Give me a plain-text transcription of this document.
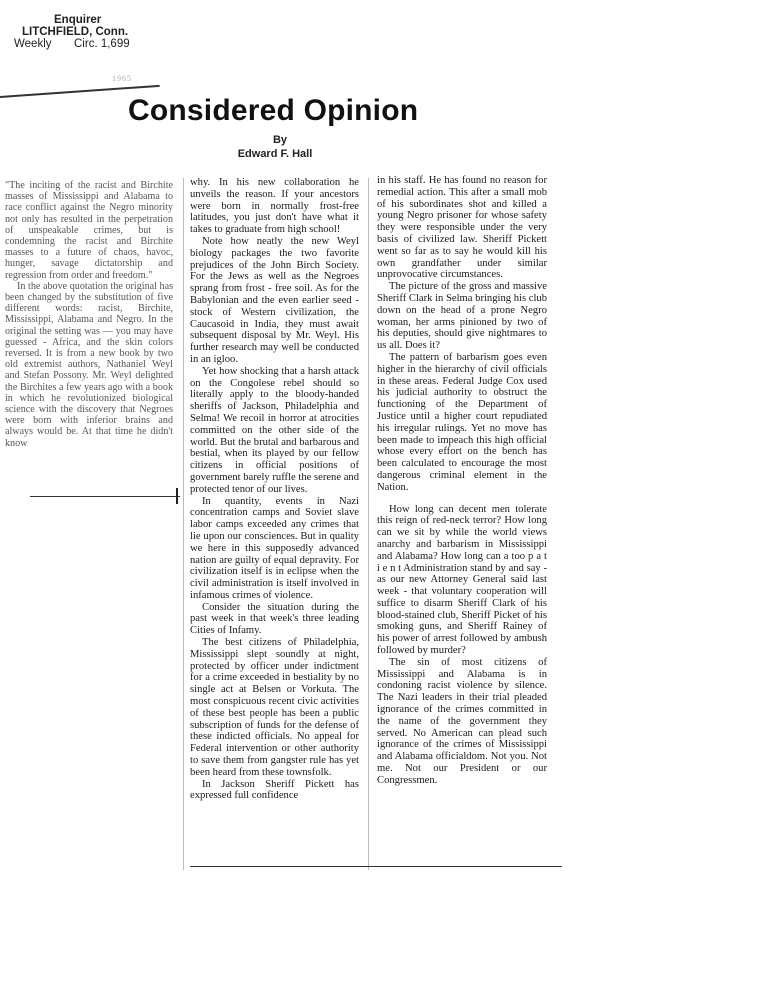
Enquirer
LITCHFIELD, Conn.
Weekly Circ. 1,699
1965
Considered Opinion
By
Edward F. Hall

"The inciting of the racist and Birchite masses of Mississippi and Alabama to race conflict against the Negro minority not only has resulted in the perpetration of unspeakable crimes, but is condemning the racist and Birchite masses to a future of chaos, havoc, hunger, savage dictatorship and regression from order and freedom."

In the above quotation the original has been changed by the substitution of five different words: racist, Birchite, Mississippi, Alabama and Negro. In the original the setting was — you may have guessed - Africa, and the skin colors reversed. It is from a new book by two old extremist authors, Nathaniel Weyl and Stefan Possony. Mr. Weyl delighted the Birchites a few years ago with a book in which he revolutionized biological science with the discovery that Negroes were born with inferior brains and always would be. At that time he didn't know

why. In his new collaboration he unveils the reason. If your ancestors were born in normally frost-free latitudes, you just don't have what it takes to graduate from high school!

Note how neatly the new Weyl biology packages the two favorite prejudices of the John Birch Society. For the Jews as well as the Negroes sprang from frost - free soil. As for the Babylonian and the even earlier seed - stock of Western civilization, the Caucasoid in India, they must await subsequent disposal by Mr. Weyl. His further research may well be conducted in an igloo.

Yet how shocking that a harsh attack on the Congolese rebel should so literally apply to the bloody-handed sheriffs of Jackson, Philadelphia and Selma! We recoil in horror at atrocities committed on the other side of the world. But the brutal and barbarous and bestial, when its played by our fellow citizens in official positions of government barely ruffle the serene and protected tenor of our lives.

In quantity, events in Nazi concentration camps and Soviet slave labor camps exceeded any crimes that lie upon our consciences. But in quality we here in this supposedly advanced nation are guilty of equal depravity. For civilization itself is in eclipse when the civil administration is itself involved in infamous crimes of violence.

Consider the situation during the past week in that week's three leading Cities of Infamy.

The best citizens of Philadelphia, Mississippi slept soundly at night, protected by officer under indictment for a crime exceeded in bestiality by no single act at Belsen or Vorkuta. The most conspicuous recent civic activities of these best people has been a public subscription of funds for the defense of these indicted officials. No appeal for Federal intervention or other authority to save them from gangster rule has yet been heard from these townsfolk.

In Jackson Sheriff Pickett has expressed full confidence

in his staff. He has found no reason for remedial action. This after a small mob of his subordinates shot and killed a young Negro prisoner for whose safety they were responsible under the very basis of civilized law. Sheriff Pickett went so far as to say he would kill his own grandfather under similar unprovocative circumstances.

The picture of the gross and massive Sheriff Clark in Selma bringing his club down on the head of a prone Negro woman, her arms pinioned by two of his deputies, should give nightmares to us all. Does it?

The pattern of barbarism goes even higher in the hierarchy of civil officials in these areas. Federal Judge Cox used his judicial authority to obstruct the functioning of the Department of Justice until a higher court repudiated his irregular rulings. Yet no move has been made to impeach this high official whose every effort on the bench has been calculated to encourage the most dangerous criminal element in the Nation.

How long can decent men tolerate this reign of red-neck terror? How long can we sit by while the world views anarchy and barbarism in Mississippi and Alabama? How long can a too p a t i e n t Administration stand by and say - as our new Attorney General said last week - that voluntary cooperation will suffice to disarm Sheriff Clark of his blood-stained club, Sheriff Picket of his smoking guns, and Sheriff Rainey of his power of arrest followed by ambush followed by murder?

The sin of most citizens of Mississippi and Alabama is in condoning racist violence by silence. The Nazi leaders in their trial pleaded ignorance of the crimes committed in the name of the government they served. No American can plead such ignorance of the crimes of Mississippi and Alabama officialdom. Not you. Not me. Not our President or our Congressmen.
